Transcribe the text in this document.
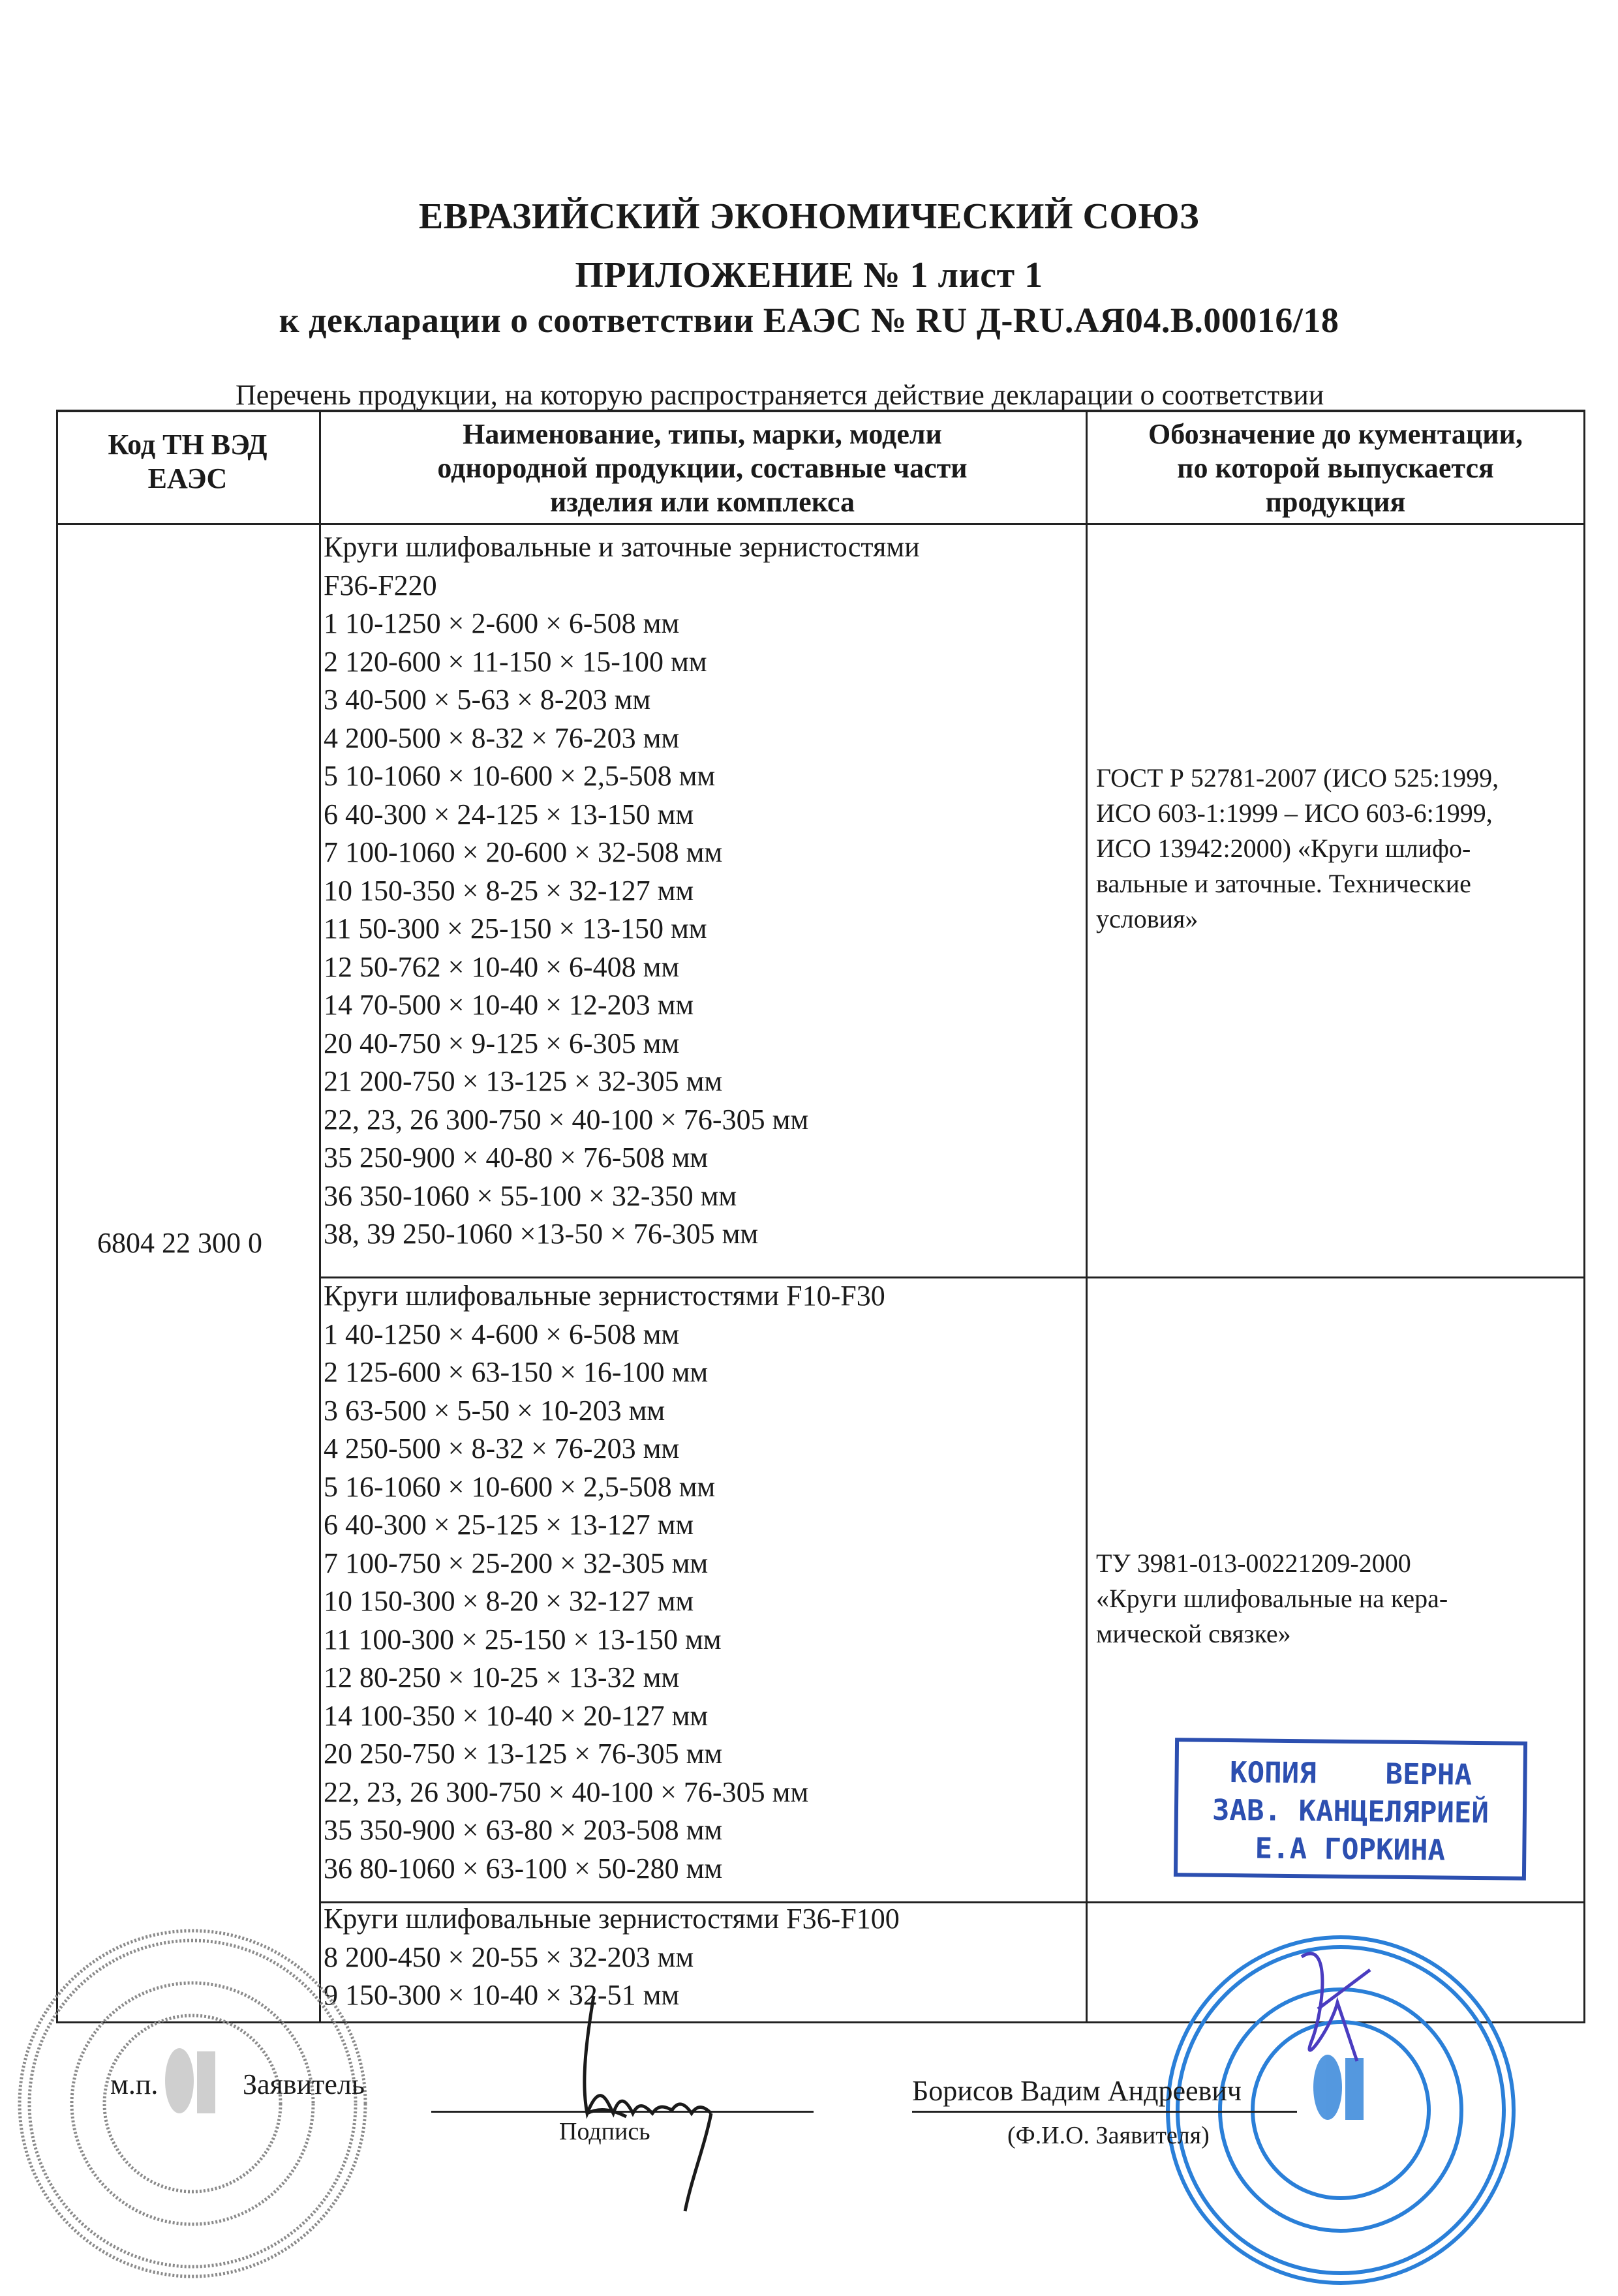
ЕВРАЗИЙСКИЙ ЭКОНОМИЧЕСКИЙ СОЮЗ
ПРИЛОЖЕНИЕ № 1 лист 1
к декларации о соответствии ЕАЭС № RU Д-RU.АЯ04.В.00016/18
Перечень продукции, на которую распространяется действие декларации о соответствии
Код ТН ВЭД
ЕАЭС
Наименование, типы, марки, модели
однородной продукции, составные части
изделия или комплекса
Обозначение до кументации,
по которой выпускается
продукция
6804 22 300 0
Круги шлифовальные и заточные зернистостями
F36-F220
1 10-1250 × 2-600 × 6-508 мм
2 120-600 × 11-150 × 15-100 мм
3 40-500 × 5-63 × 8-203 мм
4 200-500 × 8-32 × 76-203 мм
5 10-1060 × 10-600 × 2,5-508 мм
6 40-300 × 24-125 × 13-150 мм
7 100-1060 × 20-600 × 32-508 мм
10 150-350 × 8-25 × 32-127 мм
11 50-300 × 25-150 × 13-150 мм
12 50-762 × 10-40 × 6-408 мм
14 70-500 × 10-40 × 12-203 мм
20 40-750 × 9-125 × 6-305 мм
21 200-750 × 13-125 × 32-305 мм
22, 23, 26 300-750 × 40-100 × 76-305 мм
35 250-900 × 40-80 × 76-508 мм
36 350-1060 × 55-100 × 32-350 мм
38, 39 250-1060 ×13-50 × 76-305 мм
Круги шлифовальные зернистостями F10-F30
1 40-1250 × 4-600 × 6-508 мм
2 125-600 × 63-150 × 16-100 мм
3 63-500 × 5-50 × 10-203 мм
4 250-500 × 8-32 × 76-203 мм
5 16-1060 × 10-600 × 2,5-508 мм
6 40-300 × 25-125 × 13-127 мм
7 100-750 × 25-200 × 32-305 мм
10 150-300 × 8-20 × 32-127 мм
11 100-300 × 25-150 × 13-150 мм
12 80-250 × 10-25 × 13-32 мм
14 100-350 × 10-40 × 20-127 мм
20 250-750 × 13-125 × 76-305 мм
22, 23, 26 300-750 × 40-100 × 76-305 мм
35 350-900 × 63-80 × 203-508 мм
36 80-1060 × 63-100 × 50-280 мм
Круги шлифовальные зернистостями F36-F100
8 200-450 × 20-55 × 32-203 мм
9 150-300 × 10-40 × 32-51 мм
ГОСТ Р 52781-2007 (ИСО 525:1999,
ИСО 603-1:1999 – ИСО 603-6:1999,
ИСО 13942:2000) «Круги шлифо-
вальные и заточные. Технические
условия»
ТУ 3981-013-00221209-2000
«Круги шлифовальные на кера-
мической связке»
КОПИЯ    ВЕРНА
ЗАВ. КАНЦЕЛЯРИЕЙ
Е.А ГОРКИНА
м.п.	Заявитель
Подпись
Борисов Вадим Андреевич
(Ф.И.О. Заявителя)
